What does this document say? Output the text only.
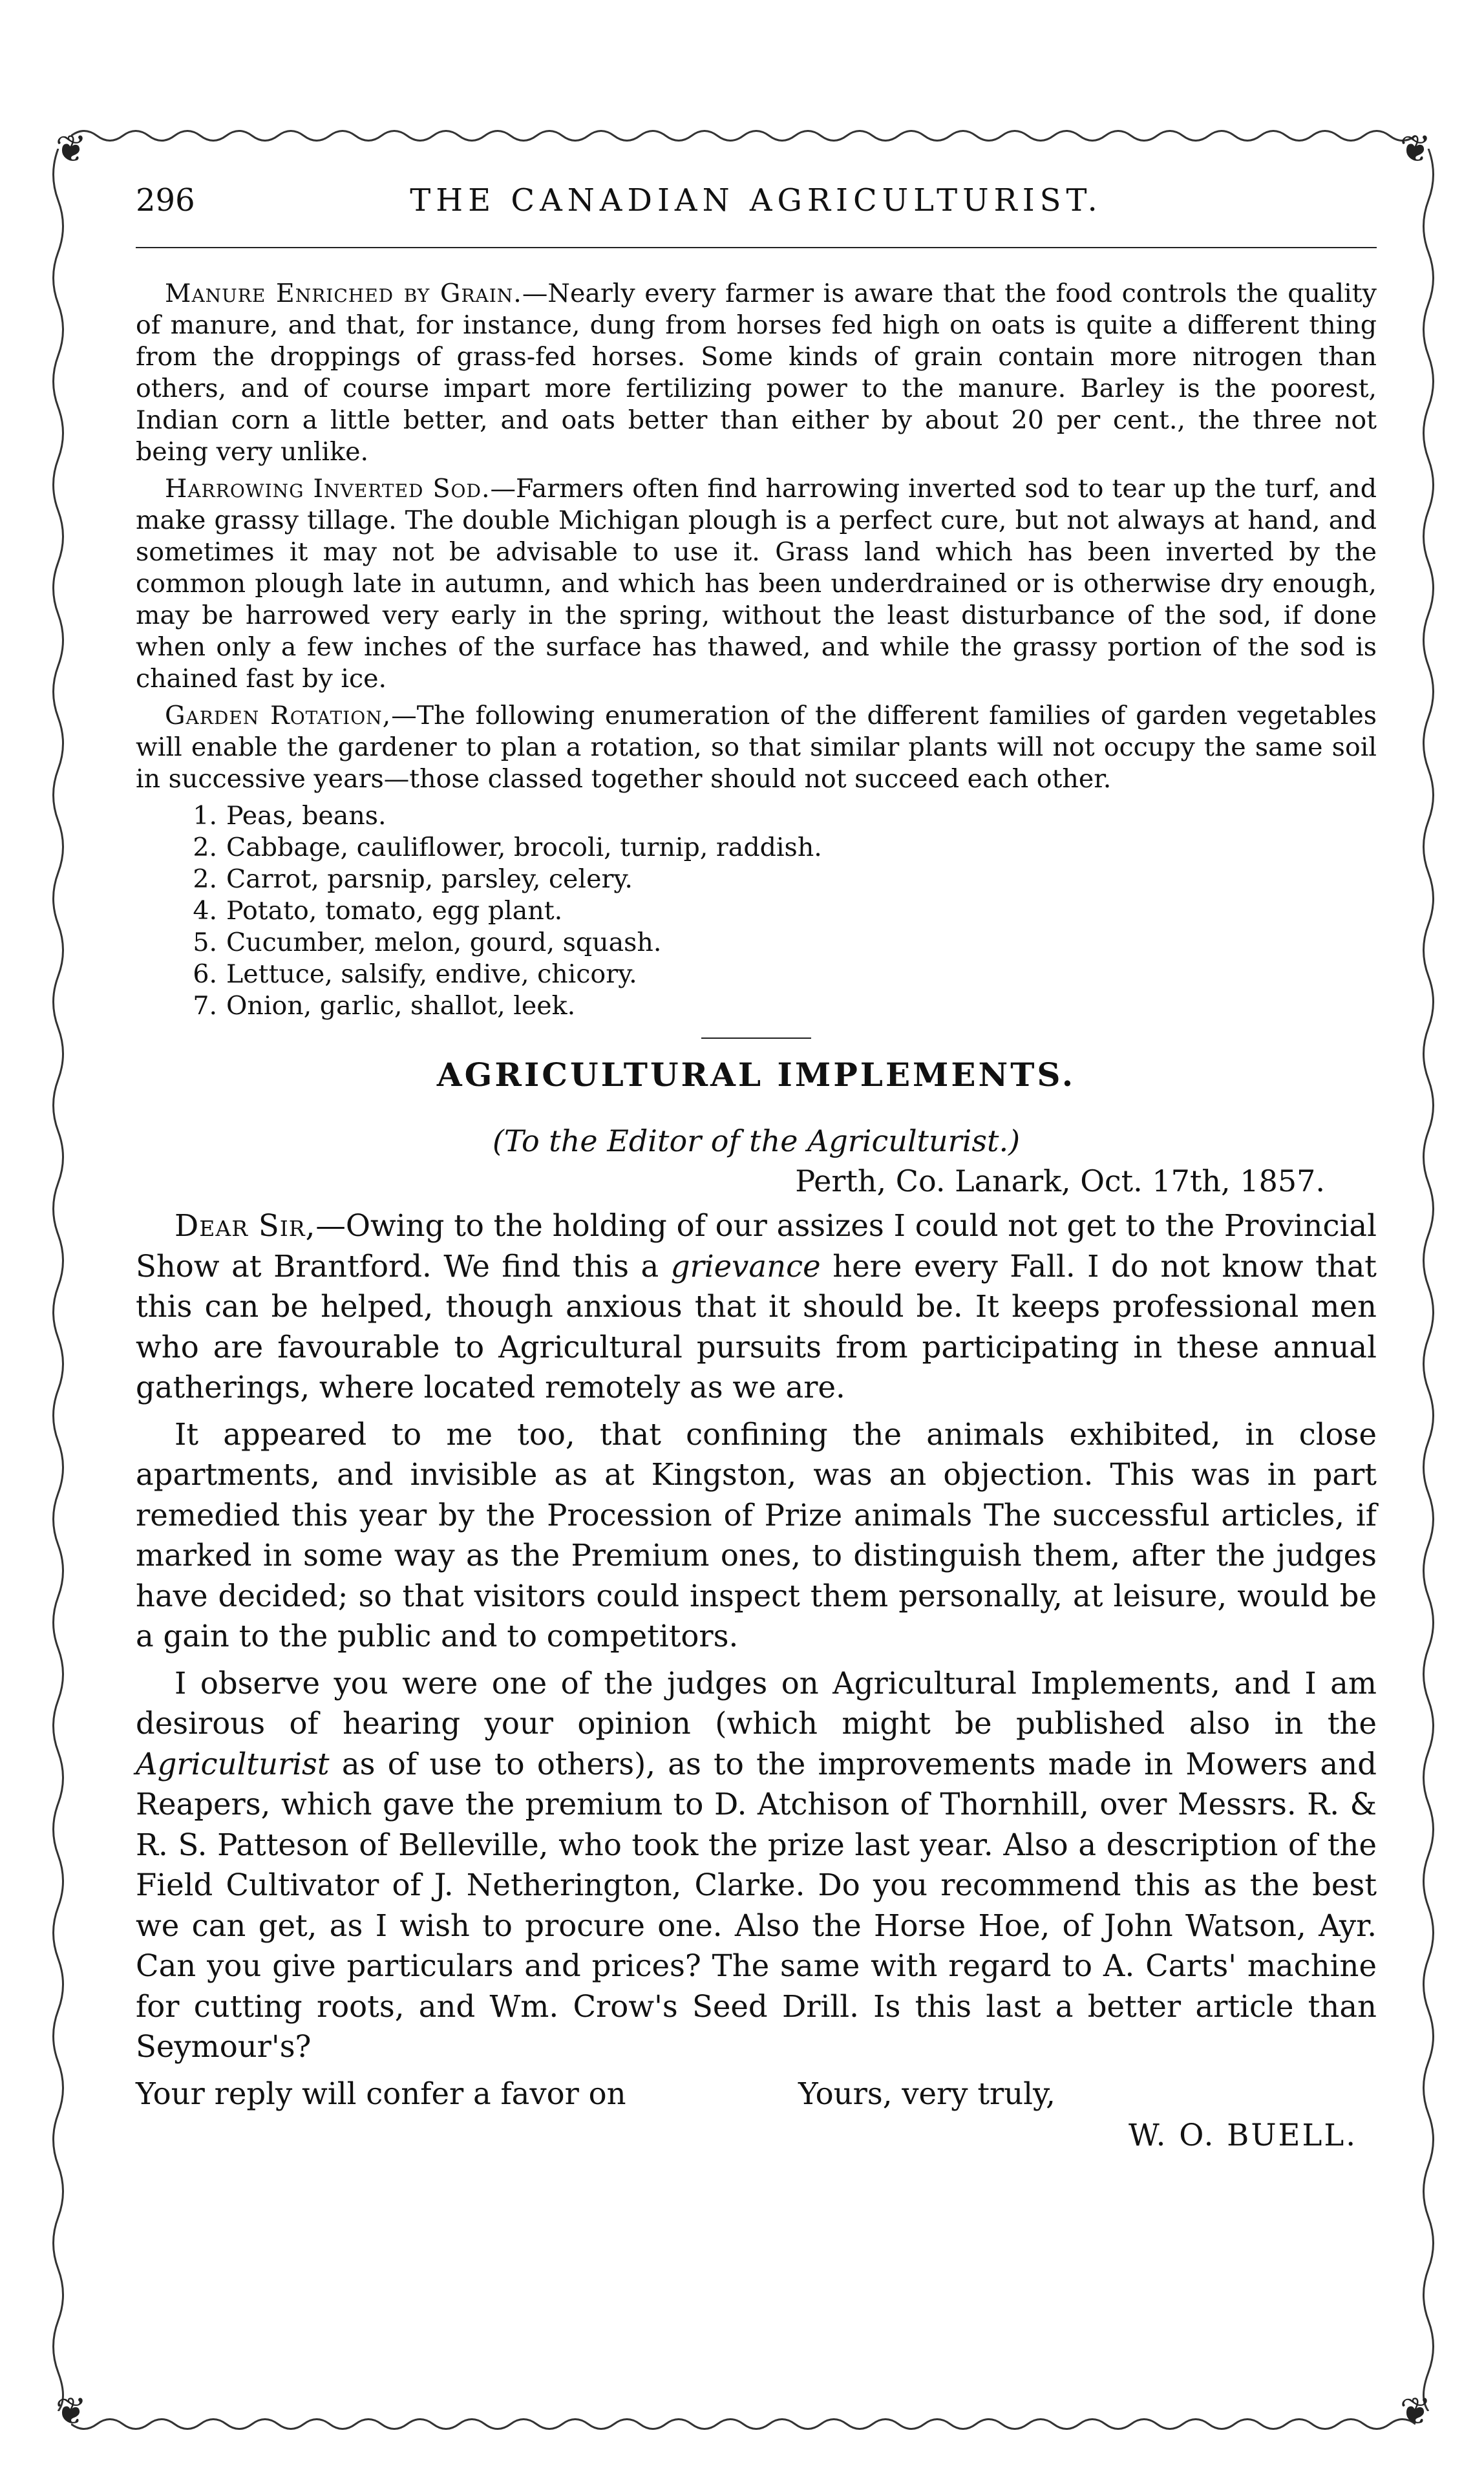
❦	❦
❦	❦
296	THE CANADIAN AGRICULTURIST.

Manure Enriched by Grain.—Nearly every farmer is aware that the food controls the quality of manure, and that, for instance, dung from horses fed high on oats is quite a different thing from the droppings of grass-fed horses. Some kinds of grain contain more nitrogen than others, and of course impart more fertilizing power to the manure. Barley is the poorest, Indian corn a little better, and oats better than either by about 20 per cent., the three not being very unlike.

Harrowing Inverted Sod.—Farmers often find harrowing inverted sod to tear up the turf, and make grassy tillage. The double Michigan plough is a perfect cure, but not always at hand, and sometimes it may not be advisable to use it. Grass land which has been inverted by the common plough late in autumn, and which has been underdrained or is otherwise dry enough, may be harrowed very early in the spring, without the least disturbance of the sod, if done when only a few inches of the surface has thawed, and while the grassy portion of the sod is chained fast by ice.

Garden Rotation,—The following enumeration of the different families of garden vegetables will enable the gardener to plan a rotation, so that similar plants will not occupy the same soil in successive years—those classed together should not succeed each other.

1. Peas, beans.
2. Cabbage, cauliflower, brocoli, turnip, raddish.
2. Carrot, parsnip, parsley, celery.
4. Potato, tomato, egg plant.
5. Cucumber, melon, gourd, squash.
6. Lettuce, salsify, endive, chicory.
7. Onion, garlic, shallot, leek.
AGRICULTURAL IMPLEMENTS.

(To the Editor of the Agriculturist.)

Perth, Co. Lanark, Oct. 17th, 1857.

Dear Sir,—Owing to the holding of our assizes I could not get to the Provincial Show at Brantford. We find this a grievance here every Fall. I do not know that this can be helped, though anxious that it should be. It keeps professional men who are favourable to Agricultural pursuits from participating in these annual gatherings, where located remotely as we are.

It appeared to me too, that confining the animals exhibited, in close apartments, and invisible as at Kingston, was an objection. This was in part remedied this year by the Procession of Prize animals The successful articles, if marked in some way as the Premium ones, to distinguish them, after the judges have decided; so that visitors could inspect them personally, at leisure, would be a gain to the public and to competitors.

I observe you were one of the judges on Agricultural Implements, and I am desirous of hearing your opinion (which might be published also in the Agriculturist as of use to others), as to the improvements made in Mowers and Reapers, which gave the premium to D. Atchison of Thornhill, over Messrs. R. & R. S. Patteson of Belleville, who took the prize last year. Also a description of the Field Cultivator of J. Netherington, Clarke. Do you recommend this as the best we can get, as I wish to procure one. Also the Horse Hoe, of John Watson, Ayr. Can you give particulars and prices? The same with regard to A. Carts' machine for cutting roots, and Wm. Crow's Seed Drill. Is this last a better article than Seymour's?

Your reply will confer a favor on	Yours, very truly,
W. O. BUELL.
